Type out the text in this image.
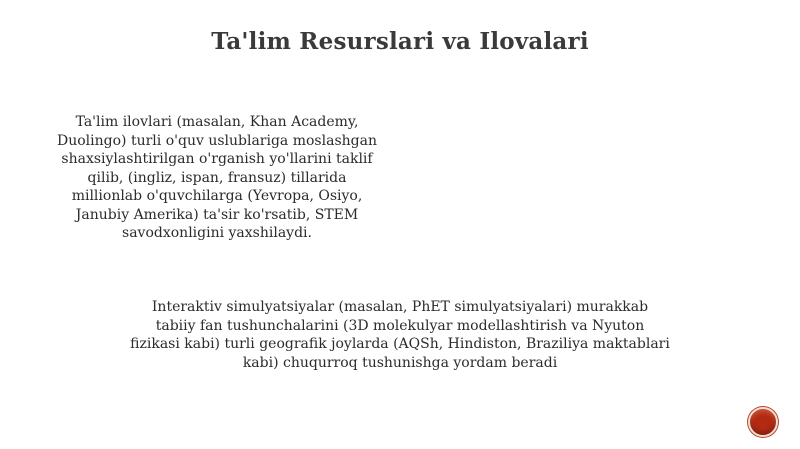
Ta'lim Resurslari va Ilovalari

Ta'lim ilovlari (masalan, Khan Academy, Duolingo) turli o'quv uslublariga moslashgan shaxsiylashtirilgan o'rganish yo'llarini taklif qilib, (ingliz, ispan, fransuz) tillarida millionlab o'quvchilarga (Yevropa, Osiyo, Janubiy Amerika) ta'sir ko'rsatib, STEM savodxonligini yaxshilaydi.

Interaktiv simulyatsiyalar (masalan, PhET simulyatsiyalari) murakkab tabiiy fan tushunchalarini (3D molekulyar modellashtirish va Nyuton fizikasi kabi) turli geografik joylarda (AQSh, Hindiston, Braziliya maktablari kabi) chuqurroq tushunishga yordam beradi
